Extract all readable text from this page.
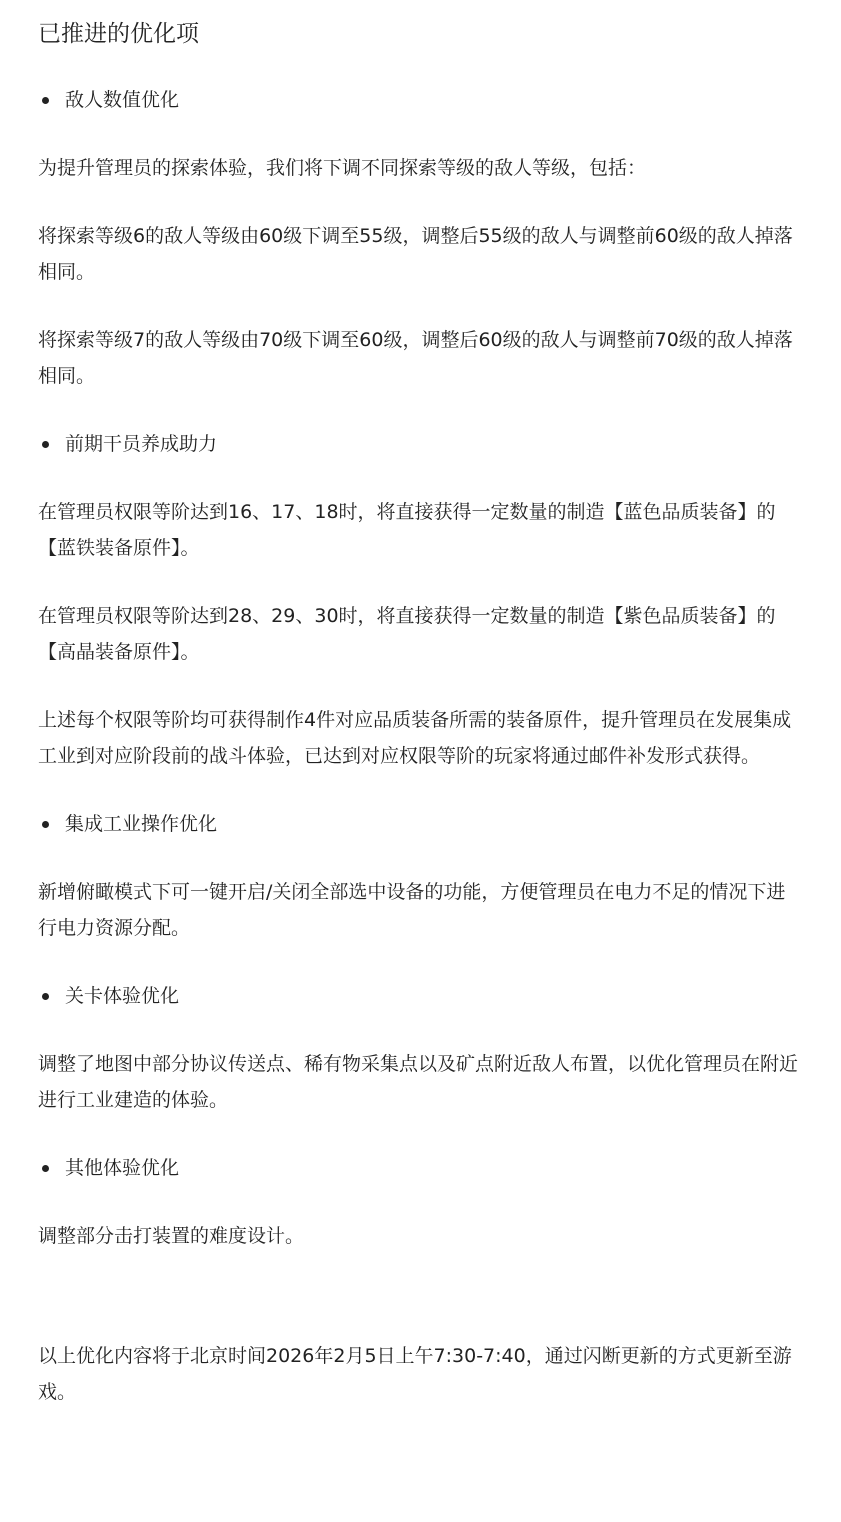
已推进的优化项
敌人数值优化

为提升管理员的探索体验，我们将下调不同探索等级的敌人等级，包括：

将探索等级6的敌人等级由60级下调至55级，调整后55级的敌人与调整前60级的敌人掉落相同。

将探索等级7的敌人等级由70级下调至60级，调整后60级的敌人与调整前70级的敌人掉落相同。

前期干员养成助力

在管理员权限等阶达到16、17、18时，将直接获得一定数量的制造【蓝色品质装备】的【蓝铁装备原件】。

在管理员权限等阶达到28、29、30时，将直接获得一定数量的制造【紫色品质装备】的【高晶装备原件】。

上述每个权限等阶均可获得制作4件对应品质装备所需的装备原件，提升管理员在发展集成工业到对应阶段前的战斗体验，已达到对应权限等阶的玩家将通过邮件补发形式获得。

集成工业操作优化

新增俯瞰模式下可一键开启/关闭全部选中设备的功能，方便管理员在电力不足的情况下进行电力资源分配。

关卡体验优化

调整了地图中部分协议传送点、稀有物采集点以及矿点附近敌人布置，以优化管理员在附近进行工业建造的体验。

其他体验优化

调整部分击打装置的难度设计。

以上优化内容将于北京时间2026年2月5日上午7:30-7:40，通过闪断更新的方式更新至游戏。
